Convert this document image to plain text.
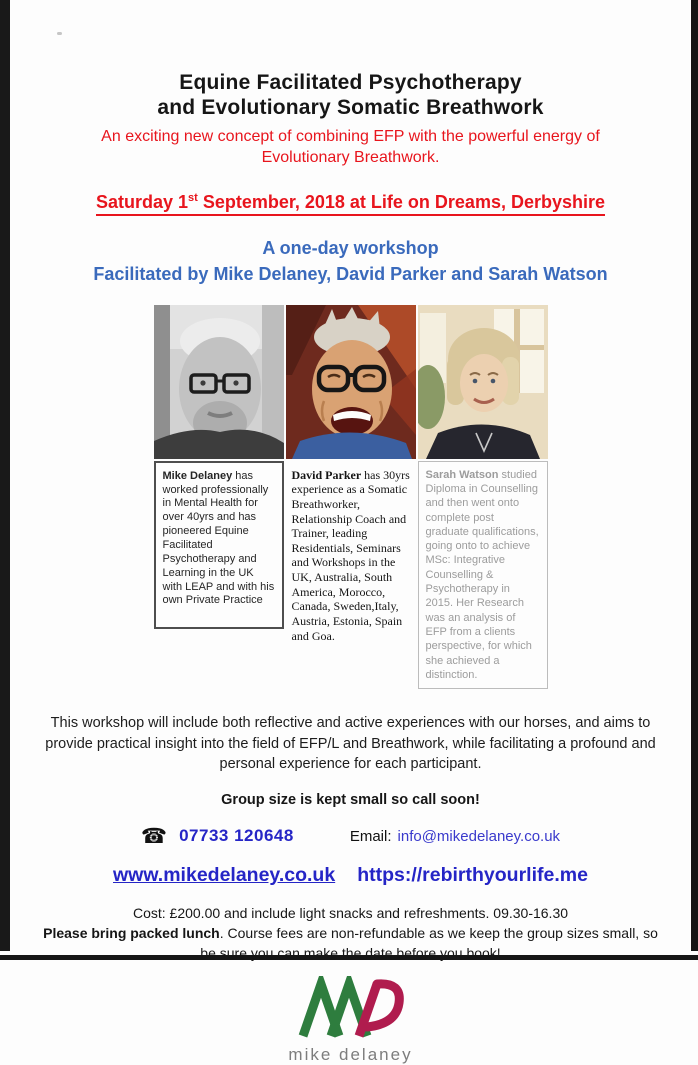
Equine Facilitated Psychotherapy
and Evolutionary Somatic Breathwork

An exciting new concept of combining EFP with the powerful energy of
Evolutionary Breathwork.

Saturday 1st September, 2018 at Life on Dreams, Derbyshire

A one-day workshop
Facilitated by Mike Delaney, David Parker and Sarah Watson

Mike Delaney has worked professionally in Mental Health for over 40yrs and has pioneered Equine Facilitated Psychotherapy and Learning in the UK with LEAP and with his own Private Practice

David Parker has 30yrs experience as a Somatic Breathworker, Relationship Coach and Trainer, leading Residentials, Seminars and Workshops in the UK, Australia, South America, Morocco, Canada, Sweden,Italy, Austria, Estonia, Spain and Goa.

Sarah Watson studied Diploma in Counselling and then went onto complete post graduate qualifications, going onto to achieve MSc: Integrative Counselling & Psychotherapy in 2015. Her Research was an analysis of EFP from a clients perspective, for which she achieved a distinction.

This workshop will include both reflective and active experiences with our horses, and aims to provide practical insight into the field of EFP/L and Breathwork, while facilitating a profound and personal experience for each participant.

Group size is kept small so call soon!

☎ 07733 120648	Email: info@mikedelaney.co.uk
www.mikedelaney.co.uk https://rebirthyourlife.me

Cost: £200.00 and include light snacks and refreshments. 09.30-16.30

Please bring packed lunch. Course fees are non-refundable as we keep the group sizes small, so be sure you can make the date before you book!

mike delaney
